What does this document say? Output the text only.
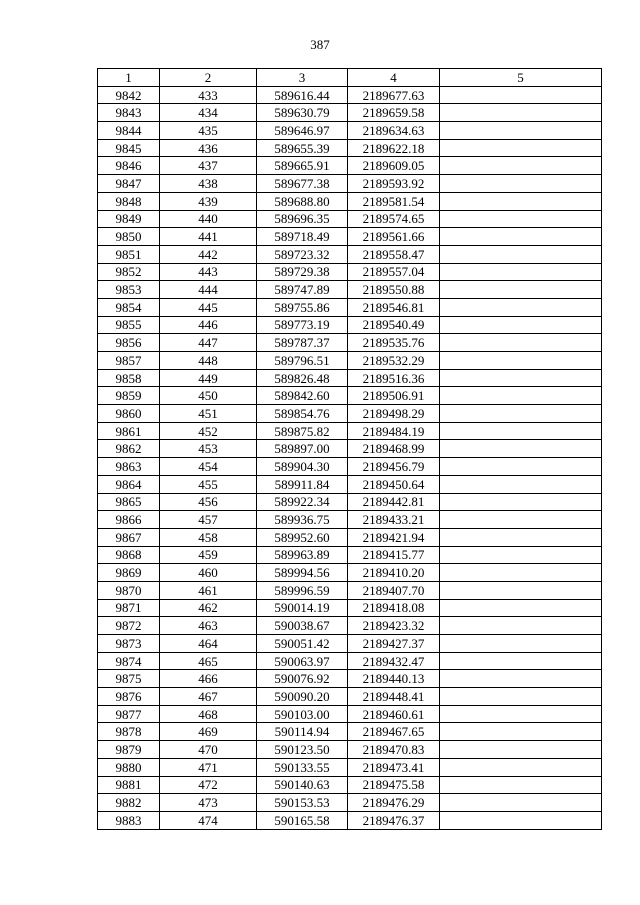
387
1	2	3	4	5
9842	433	589616.44	2189677.63	
9843	434	589630.79	2189659.58	
9844	435	589646.97	2189634.63	
9845	436	589655.39	2189622.18	
9846	437	589665.91	2189609.05	
9847	438	589677.38	2189593.92	
9848	439	589688.80	2189581.54	
9849	440	589696.35	2189574.65	
9850	441	589718.49	2189561.66	
9851	442	589723.32	2189558.47	
9852	443	589729.38	2189557.04	
9853	444	589747.89	2189550.88	
9854	445	589755.86	2189546.81	
9855	446	589773.19	2189540.49	
9856	447	589787.37	2189535.76	
9857	448	589796.51	2189532.29	
9858	449	589826.48	2189516.36	
9859	450	589842.60	2189506.91	
9860	451	589854.76	2189498.29	
9861	452	589875.82	2189484.19	
9862	453	589897.00	2189468.99	
9863	454	589904.30	2189456.79	
9864	455	589911.84	2189450.64	
9865	456	589922.34	2189442.81	
9866	457	589936.75	2189433.21	
9867	458	589952.60	2189421.94	
9868	459	589963.89	2189415.77	
9869	460	589994.56	2189410.20	
9870	461	589996.59	2189407.70	
9871	462	590014.19	2189418.08	
9872	463	590038.67	2189423.32	
9873	464	590051.42	2189427.37	
9874	465	590063.97	2189432.47	
9875	466	590076.92	2189440.13	
9876	467	590090.20	2189448.41	
9877	468	590103.00	2189460.61	
9878	469	590114.94	2189467.65	
9879	470	590123.50	2189470.83	
9880	471	590133.55	2189473.41	
9881	472	590140.63	2189475.58	
9882	473	590153.53	2189476.29	
9883	474	590165.58	2189476.37	
